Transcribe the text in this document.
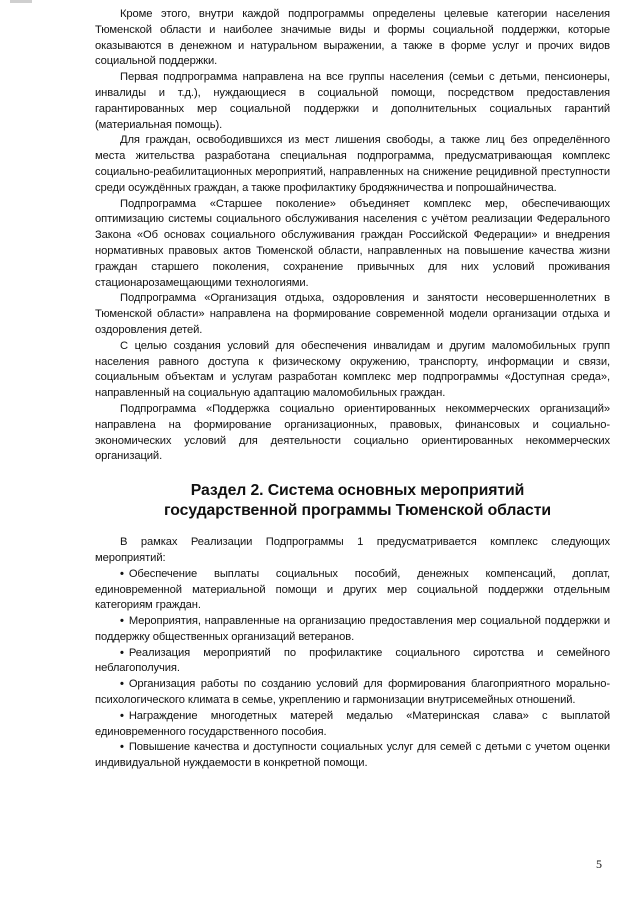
Кроме этого, внутри каждой подпрограммы определены целевые категории населения Тюменской области и наиболее значимые виды и формы социальной поддержки, которые оказываются в денежном и натуральном выражении, а также в форме услуг и прочих видов социальной поддержки.

Первая подпрограмма направлена на все группы населения (семьи с детьми, пенсионеры, инвалиды и т.д.), нуждающиеся в социальной помощи, посредством предоставления гарантированных мер социальной поддержки и дополнительных социальных гарантий (материальная помощь).

Для граждан, освободившихся из мест лишения свободы, а также лиц без определённого места жительства разработана специальная подпрограмма, предусматривающая комплекс социально-реабилитационных мероприятий, направленных на снижение рецидивной преступности среди осуждённых граждан, а также профилактику бродяжничества и попрошайничества.

Подпрограмма «Старшее поколение» объединяет комплекс мер, обеспечивающих оптимизацию системы социального обслуживания населения с учётом реализации Федерального Закона «Об основах социального обслуживания граждан Российской Федерации» и внедрения нормативных правовых актов Тюменской области, направленных на повышение качества жизни граждан старшего поколения, сохранение привычных для них условий проживания стационарозамещающими технологиями.

Подпрограмма «Организация отдыха, оздоровления и занятости несовершеннолетних в Тюменской области» направлена на формирование современной модели организации отдыха и оздоровления детей.

С целью создания условий для обеспечения инвалидам и другим маломобильных групп населения равного доступа к физическому окружению, транспорту, информации и связи, социальным объектам и услугам разработан комплекс мер подпрограммы «Доступная среда», направленный на социальную адаптацию маломобильных граждан.

Подпрограмма «Поддержка социально ориентированных некоммерческих организаций» направлена на формирование организационных, правовых, финансовых и социально-экономических условий для деятельности социально ориентированных некоммерческих организаций.

Раздел 2. Система основных мероприятий
государственной программы Тюменской области

В рамках Реализации Подпрограммы 1 предусматривается комплекс следующих мероприятий:

• Обеспечение выплаты социальных пособий, денежных компенсаций, доплат, единовременной материальной помощи и других мер социальной поддержки отдельным категориям граждан.
• Мероприятия, направленные на организацию предоставления мер социальной поддержки и поддержку общественных организаций ветеранов.
• Реализация мероприятий по профилактике социального сиротства и семейного неблагополучия.
• Организация работы по созданию условий для формирования благоприятного морально-психологического климата в семье, укреплению и гармонизации внутрисемейных отношений.
• Награждение многодетных матерей медалью «Материнская слава» с выплатой единовременного государственного пособия.
• Повышение качества и доступности социальных услуг для семей с детьми с учетом оценки индивидуальной нуждаемости в конкретной помощи.
5
